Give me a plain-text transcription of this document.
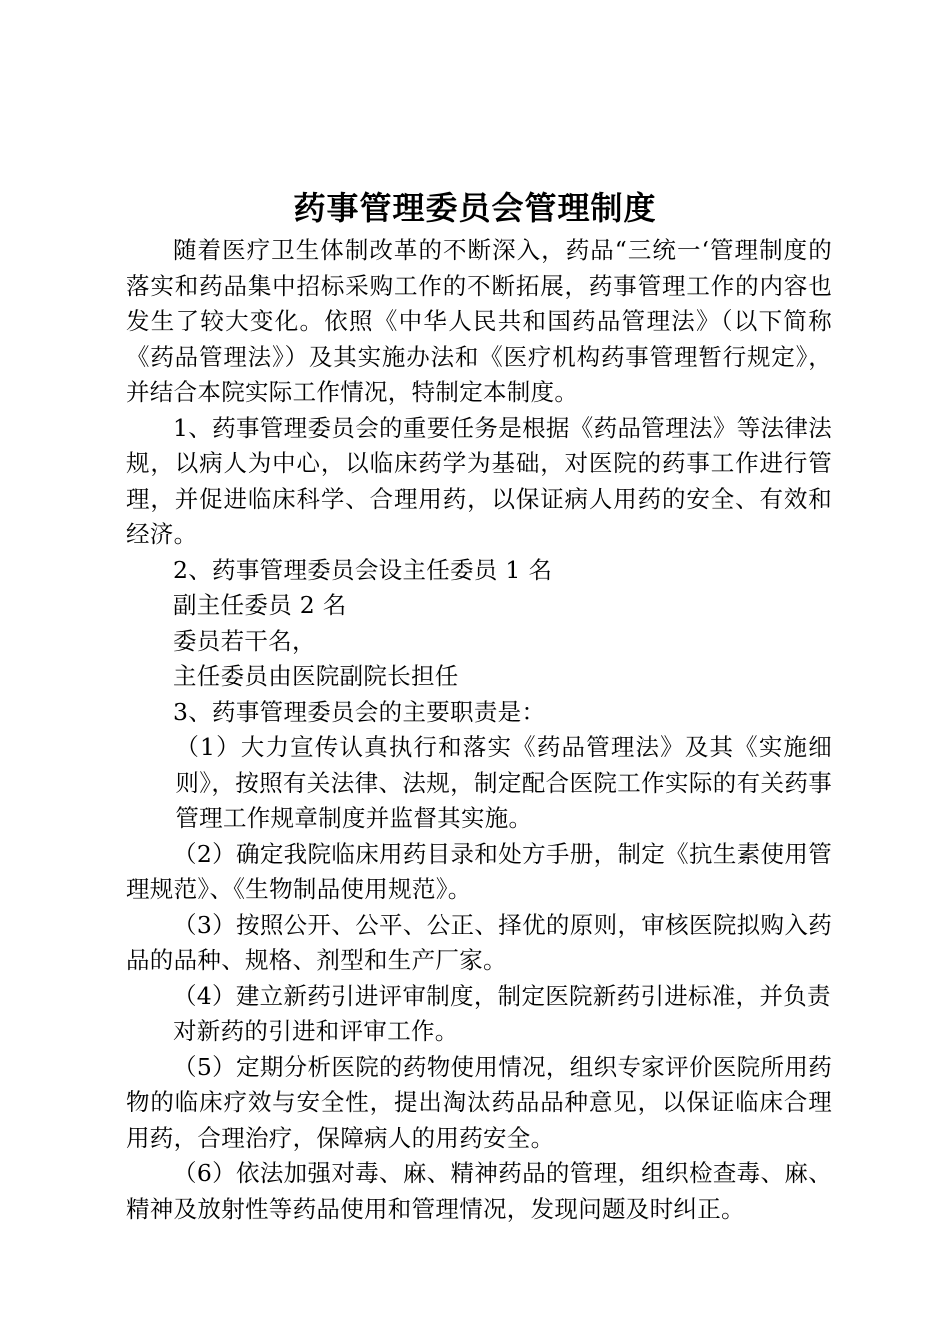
药事管理委员会管理制度

随着医疗卫生体制改革的不断深入，药品“三统一‘管理制度的落实和药品集中招标采购工作的不断拓展，药事管理工作的内容也发生了较大变化。依照《中华人民共和国药品管理法》（以下简称《药品管理法》）及其实施办法和《医疗机构药事管理暂行规定》，并结合本院实际工作情况，特制定本制度。

1、药事管理委员会的重要任务是根据《药品管理法》等法律法规，以病人为中心，以临床药学为基础，对医院的药事工作进行管理，并促进临床科学、合理用药，以保证病人用药的安全、有效和经济。

2、药事管理委员会设主任委员 1 名

副主任委员 2 名

委员若干名，

主任委员由医院副院长担任

3、药事管理委员会的主要职责是：

（1）大力宣传认真执行和落实《药品管理法》及其《实施细则》，按照有关法律、法规，制定配合医院工作实际的有关药事管理工作规章制度并监督其实施。

（2）确定我院临床用药目录和处方手册，制定《抗生素使用管理规范》、《生物制品使用规范》。

（3）按照公开、公平、公正、择优的原则，审核医院拟购入药品的品种、规格、剂型和生产厂家。

（4）建立新药引进评审制度，制定医院新药引进标准，并负责

对新药的引进和评审工作。

（5）定期分析医院的药物使用情况，组织专家评价医院所用药物的临床疗效与安全性，提出淘汰药品品种意见，以保证临床合理用药，合理治疗，保障病人的用药安全。

（6）依法加强对毒、麻、精神药品的管理，组织检查毒、麻、精神及放射性等药品使用和管理情况，发现问题及时纠正。
